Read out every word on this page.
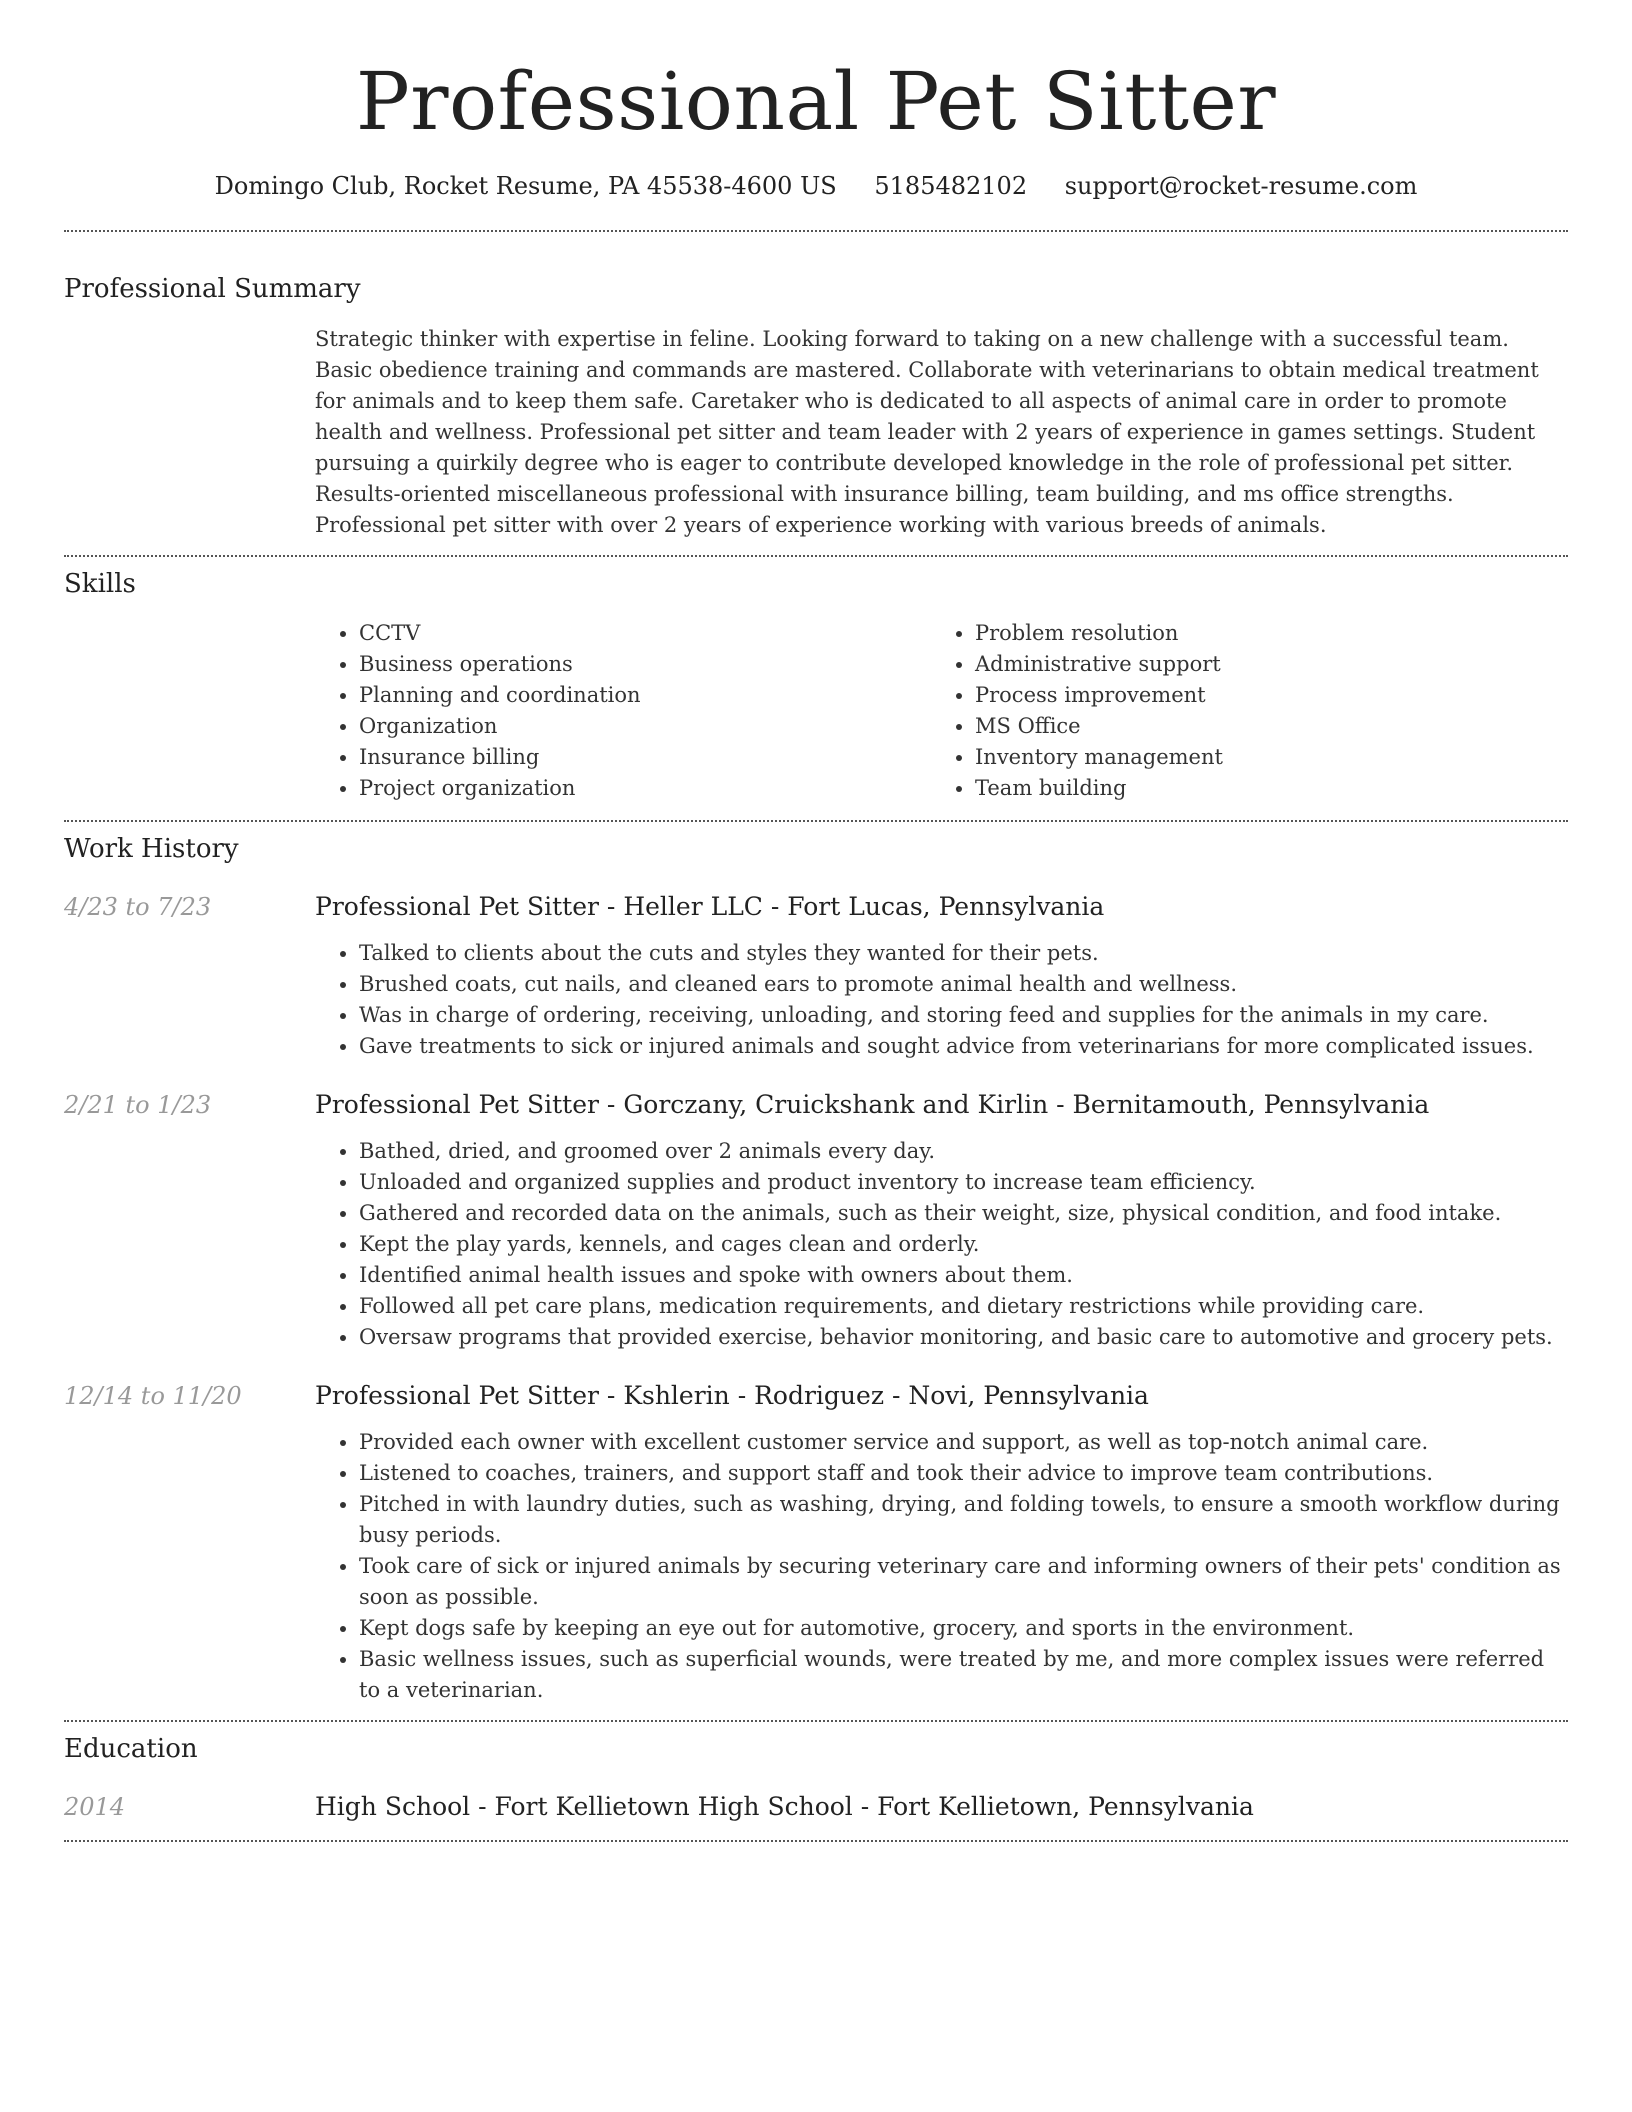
Professional Pet Sitter
Domingo Club, Rocket Resume, PA 45538-4600 US 5185482102 support@rocket-resume.com
Professional Summary

Strategic thinker with expertise in feline. Looking forward to taking on a new challenge with a successful team. Basic obedience training and commands are mastered. Collaborate with veterinarians to obtain medical treatment for animals and to keep them safe. Caretaker who is dedicated to all aspects of animal care in order to promote health and wellness. Professional pet sitter and team leader with 2 years of experience in games settings. Student pursuing a quirkily degree who is eager to contribute developed knowledge in the role of professional pet sitter. Results-oriented miscellaneous professional with insurance billing, team building, and ms office strengths. Professional pet sitter with over 2 years of experience working with various breeds of animals.

Skills
• CCTV
• Business operations
• Planning and coordination
• Organization
• Insurance billing
• Project organization
• Problem resolution
• Administrative support
• Process improvement
• MS Office
• Inventory management
• Team building
Work History
4/23 to 7/23	Professional Pet Sitter - Heller LLC - Fort Lucas, Pennsylvania
• Talked to clients about the cuts and styles they wanted for their pets.
• Brushed coats, cut nails, and cleaned ears to promote animal health and wellness.
• Was in charge of ordering, receiving, unloading, and storing feed and supplies for the animals in my care.
• Gave treatments to sick or injured animals and sought advice from veterinarians for more complicated issues.
2/21 to 1/23	Professional Pet Sitter - Gorczany, Cruickshank and Kirlin - Bernitamouth, Pennsylvania
• Bathed, dried, and groomed over 2 animals every day.
• Unloaded and organized supplies and product inventory to increase team efficiency.
• Gathered and recorded data on the animals, such as their weight, size, physical condition, and food intake.
• Kept the play yards, kennels, and cages clean and orderly.
• Identified animal health issues and spoke with owners about them.
• Followed all pet care plans, medication requirements, and dietary restrictions while providing care.
• Oversaw programs that provided exercise, behavior monitoring, and basic care to automotive and grocery pets.
12/14 to 11/20	Professional Pet Sitter - Kshlerin - Rodriguez - Novi, Pennsylvania
• Provided each owner with excellent customer service and support, as well as top-notch animal care.
• Listened to coaches, trainers, and support staff and took their advice to improve team contributions.
• Pitched in with laundry duties, such as washing, drying, and folding towels, to ensure a smooth workflow during busy periods.
• Took care of sick or injured animals by securing veterinary care and informing owners of their pets' condition as soon as possible.
• Kept dogs safe by keeping an eye out for automotive, grocery, and sports in the environment.
• Basic wellness issues, such as superficial wounds, were treated by me, and more complex issues were referred to a veterinarian.
Education
2014	High School - Fort Kellietown High School - Fort Kellietown, Pennsylvania
